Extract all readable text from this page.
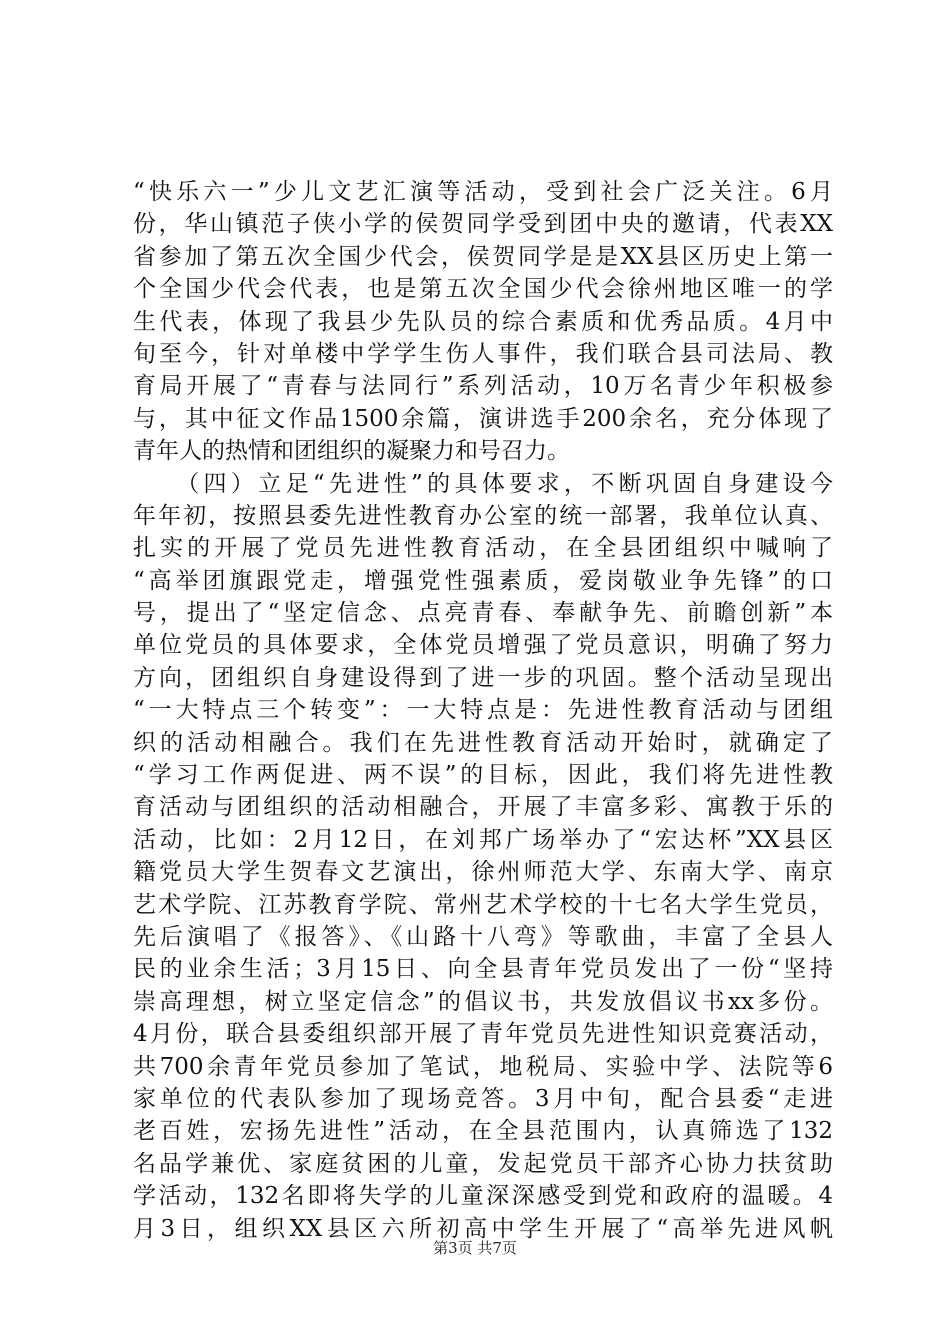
“快乐六一”少儿文艺汇演等活动，受到社会广泛关注。6月
份，华山镇范子侠小学的侯贺同学受到团中央的邀请，代表XX
省参加了第五次全国少代会，侯贺同学是是XX县区历史上第一
个全国少代会代表，也是第五次全国少代会徐州地区唯一的学
生代表，体现了我县少先队员的综合素质和优秀品质。4月中
旬至今，针对单楼中学学生伤人事件，我们联合县司法局、教
育局开展了“青春与法同行”系列活动，10万名青少年积极参
与，其中征文作品1500余篇，演讲选手200余名，充分体现了
青年人的热情和团组织的凝聚力和号召力。
　　（四）立足“先进性”的具体要求，不断巩固自身建设今
年年初，按照县委先进性教育办公室的统一部署，我单位认真、
扎实的开展了党员先进性教育活动，在全县团组织中喊响了
“高举团旗跟党走，增强党性强素质，爱岗敬业争先锋”的口
号，提出了“坚定信念、点亮青春、奉献争先、前瞻创新”本
单位党员的具体要求，全体党员增强了党员意识，明确了努力
方向，团组织自身建设得到了进一步的巩固。整个活动呈现出
“一大特点三个转变”：一大特点是：先进性教育活动与团组
织的活动相融合。我们在先进性教育活动开始时，就确定了
“学习工作两促进、两不误”的目标，因此，我们将先进性教
育活动与团组织的活动相融合，开展了丰富多彩、寓教于乐的
活动，比如：2月12日，在刘邦广场举办了“宏达杯”XX县区
籍党员大学生贺春文艺演出，徐州师范大学、东南大学、南京
艺术学院、江苏教育学院、常州艺术学校的十七名大学生党员，
先后演唱了《报答》、《山路十八弯》等歌曲，丰富了全县人
民的业余生活；3月15日、向全县青年党员发出了一份“坚持
崇高理想，树立坚定信念”的倡议书，共发放倡议书xx多份。
4月份，联合县委组织部开展了青年党员先进性知识竞赛活动，
共700余青年党员参加了笔试，地税局、实验中学、法院等6
家单位的代表队参加了现场竞答。3月中旬，配合县委“走进
老百姓，宏扬先进性”活动，在全县范围内，认真筛选了132
名品学兼优、家庭贫困的儿童，发起党员干部齐心协力扶贫助
学活动，132名即将失学的儿童深深感受到党和政府的温暖。4
月3日，组织XX县区六所初高中学生开展了“高举先进风帆
第3页 共7页
